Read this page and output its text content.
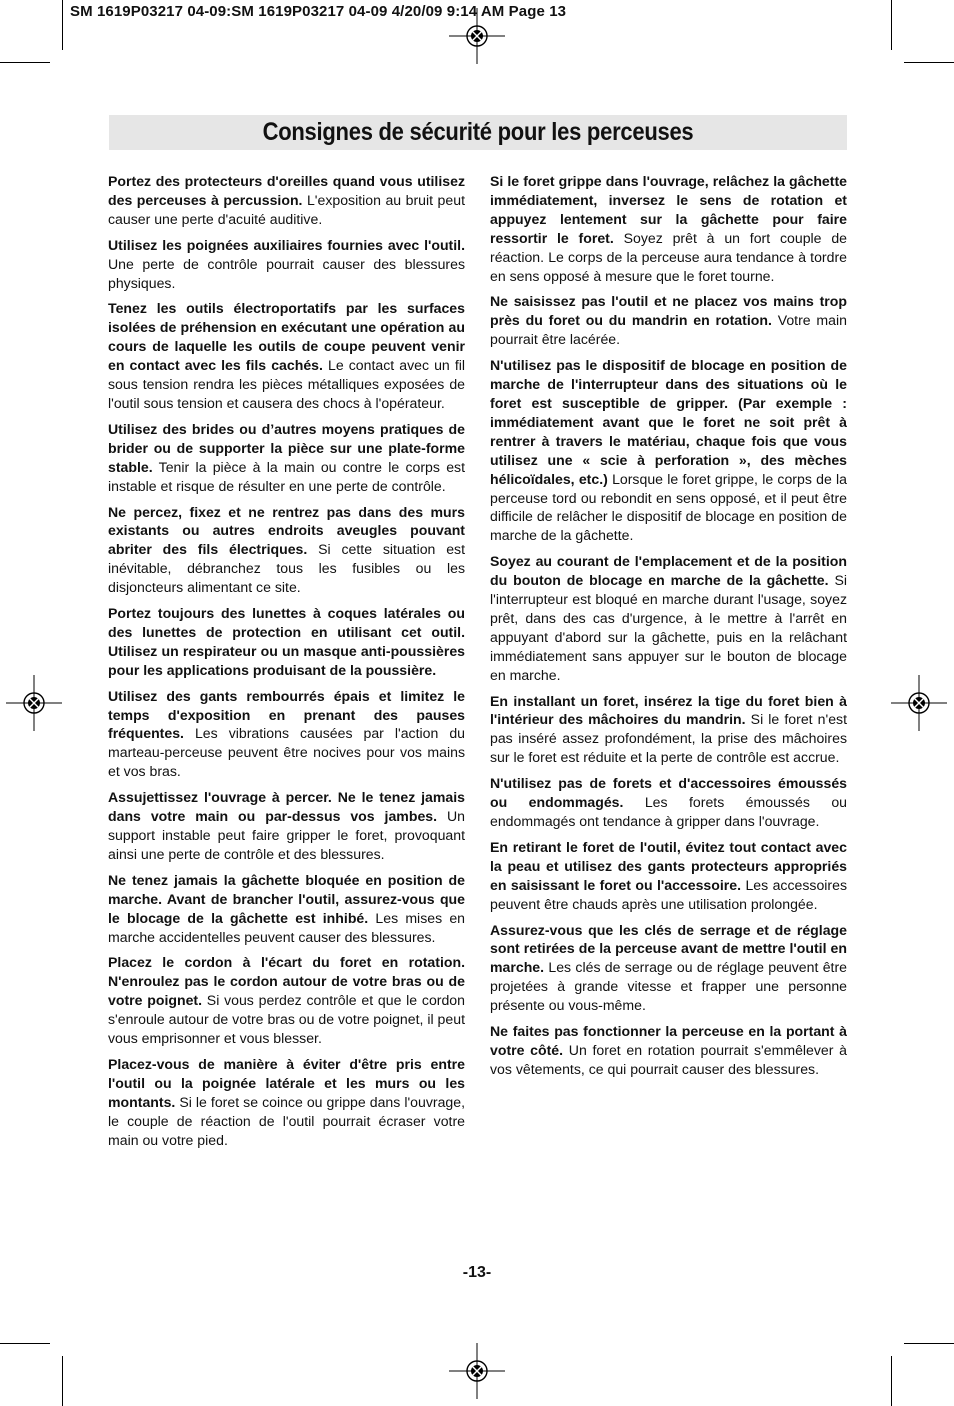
SM 1619P03217 04-09:SM 1619P03217 04-09 4/20/09 9:14 AM Page 13
Consignes de sécurité pour les perceuses

Portez des protecteurs d'oreilles quand vous utilisez des perceuses à percussion. L'exposition au bruit peut causer une perte d'acuité auditive.

Utilisez les poignées auxiliaires fournies avec l'outil. Une perte de contrôle pourrait causer des blessures physiques.

Tenez les outils électroportatifs par les surfaces isolées de préhension en exécutant une opération au cours de laquelle les outils de coupe peuvent venir en contact avec les fils cachés. Le contact avec un fil sous tension rendra les pièces métalliques exposées de l'outil sous tension et causera des chocs à l'opérateur.

Utilisez des brides ou d’autres moyens pratiques de brider ou de supporter la pièce sur une plate-forme stable. Tenir la pièce à la main ou contre le corps est instable et risque de résulter en une perte de contrôle.

Ne percez, fixez et ne rentrez pas dans des murs existants ou autres endroits aveugles pouvant abriter des fils électriques. Si cette situation est inévitable, débranchez tous les fusibles ou les disjoncteurs alimentant ce site.

Portez toujours des lunettes à coques latérales ou des lunettes de protection en utilisant cet outil. Utilisez un respirateur ou un masque anti-poussières pour les applications produisant de la poussière.

Utilisez des gants rembourrés épais et limitez le temps d'exposition en prenant des pauses fréquentes. Les vibrations causées par l'action du marteau-perceuse peuvent être nocives pour vos mains et vos bras.

Assujettissez l'ouvrage à percer. Ne le tenez jamais dans votre main ou par-dessus vos jambes. Un support instable peut faire gripper le foret, provoquant ainsi une perte de contrôle et des blessures.

Ne tenez jamais la gâchette bloquée en position de marche. Avant de brancher l'outil, assurez-vous que le blocage de la gâchette est inhibé. Les mises en marche accidentelles peuvent causer des blessures.

Placez le cordon à l'écart du foret en rotation. N'enroulez pas le cordon autour de votre bras ou de votre poignet. Si vous perdez contrôle et que le cordon s'enroule autour de votre bras ou de votre poignet, il peut vous emprisonner et vous blesser.

Placez-vous de manière à éviter d'être pris entre l'outil ou la poignée latérale et les murs ou les montants. Si le foret se coince ou grippe dans l'ouvrage, le couple de réaction de l'outil pourrait écraser votre main ou votre pied.

Si le foret grippe dans l'ouvrage, relâchez la gâchette immédiatement, inversez le sens de rotation et appuyez lentement sur la gâchette pour faire ressortir le foret. Soyez prêt à un fort couple de réaction. Le corps de la perceuse aura tendance à tordre en sens opposé à mesure que le foret tourne.

Ne saisissez pas l'outil et ne placez vos mains trop près du foret ou du mandrin en rotation. Votre main pourrait être lacérée.

N'utilisez pas le dispositif de blocage en position de marche de l'interrupteur dans des situations où le foret est susceptible de gripper. (Par exemple : immédiatement avant que le foret ne soit prêt à rentrer à travers le matériau, chaque fois que vous utilisez une « scie à perforation », des mèches hélicoïdales, etc.) Lorsque le foret grippe, le corps de la perceuse tord ou rebondit en sens opposé, et il peut être difficile de relâcher le dispositif de blocage en position de marche de la gâchette.

Soyez au courant de l'emplacement et de la position du bouton de blocage en marche de la gâchette. Si l'interrupteur est bloqué en marche durant l'usage, soyez prêt, dans des cas d'urgence, à le mettre à l'arrêt en appuyant d'abord sur la gâchette, puis en la relâchant immédiatement sans appuyer sur le bouton de blocage en marche.

En installant un foret, insérez la tige du foret bien à l'intérieur des mâchoires du mandrin. Si le foret n'est pas inséré assez profondément, la prise des mâchoires sur le foret est réduite et la perte de contrôle est accrue.

N'utilisez pas de forets et d'accessoires émoussés ou endommagés. Les forets émoussés ou endommagés ont tendance à gripper dans l'ouvrage.

En retirant le foret de l'outil, évitez tout contact avec la peau et utilisez des gants protecteurs appropriés en saisissant le foret ou l'accessoire. Les accessoires peuvent être chauds après une utilisation prolongée.

Assurez-vous que les clés de serrage et de réglage sont retirées de la perceuse avant de mettre l'outil en marche. Les clés de serrage ou de réglage peuvent être projetées à grande vitesse et frapper une personne présente ou vous-même.

Ne faites pas fonctionner la perceuse en la portant à votre côté. Un foret en rotation pourrait s'emmêlever à vos vêtements, ce qui pourrait causer des blessures.

-13-
